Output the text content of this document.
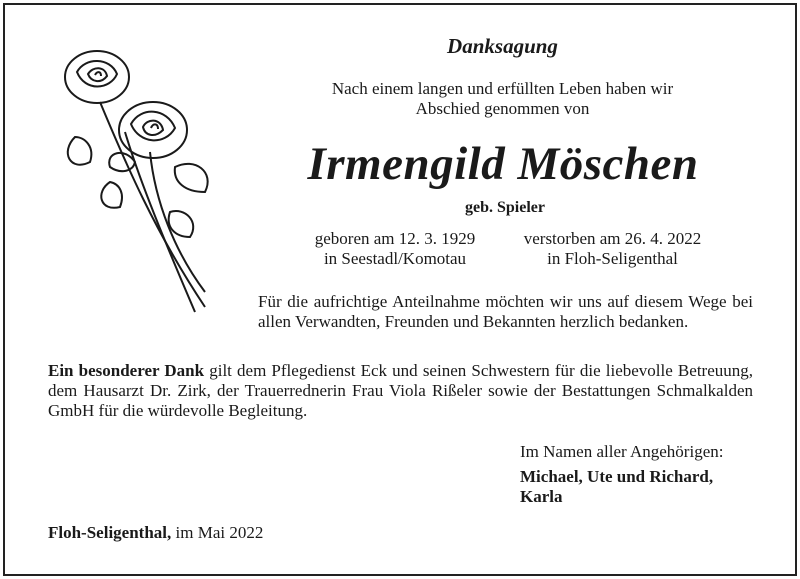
Danksagung
Nach einem langen und erfüllten Leben haben wir
Abschied genommen von
Irmengild Möschen
geb. Spieler
geboren am 12. 3. 1929
in Seestadl/Komotau
verstorben am 26. 4. 2022
in Floh-Seligenthal
Für die aufrichtige Anteilnahme möchten wir uns auf diesem Wege bei allen Verwandten, Freunden und Bekannten herzlich bedanken.
Ein besonderer Dank gilt dem Pflegedienst Eck und seinen Schwestern für die liebevolle Betreuung, dem Hausarzt Dr. Zirk, der Trauerrednerin Frau Viola Rißeler sowie der Bestattungen Schmalkalden GmbH für die würdevolle Begleitung.
Im Namen aller Angehörigen:
Michael, Ute und Richard,
Karla
Floh-Seligenthal, im Mai 2022
